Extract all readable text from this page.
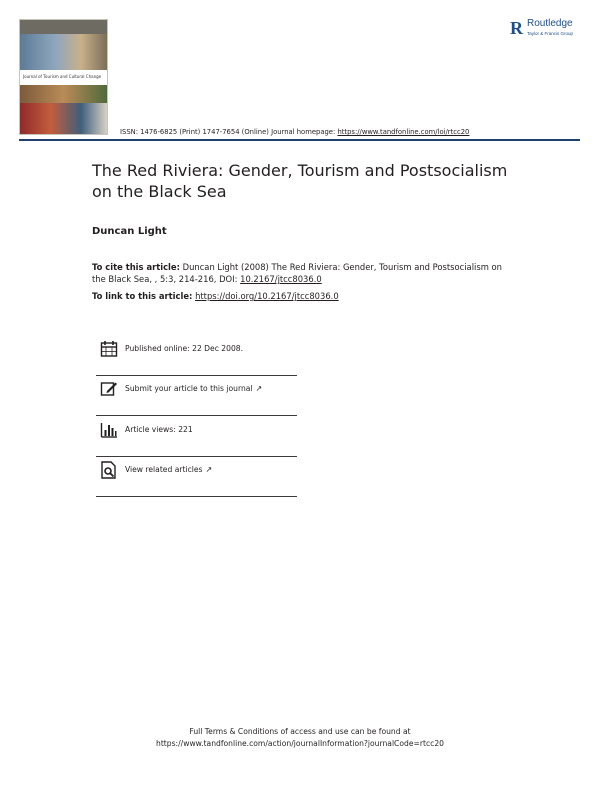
Journal of Tourism and Cultural Change
R Routledge
Taylor & Francis Group
ISSN: 1476-6825 (Print) 1747-7654 (Online) Journal homepage: https://www.tandfonline.com/loi/rtcc20
The Red Riviera: Gender, Tourism and Postsocialism on the Black Sea
Duncan Light
To cite this article: Duncan Light (2008) The Red Riviera: Gender, Tourism and Postsocialism on the Black Sea, , 5:3, 214-216, DOI: 10.2167/jtcc8036.0
To link to this article: https://doi.org/10.2167/jtcc8036.0
Published online: 22 Dec 2008.
Submit your article to this journal ↗
Article views: 221
View related articles ↗
Full Terms & Conditions of access and use can be found at
https://www.tandfonline.com/action/journalInformation?journalCode=rtcc20
